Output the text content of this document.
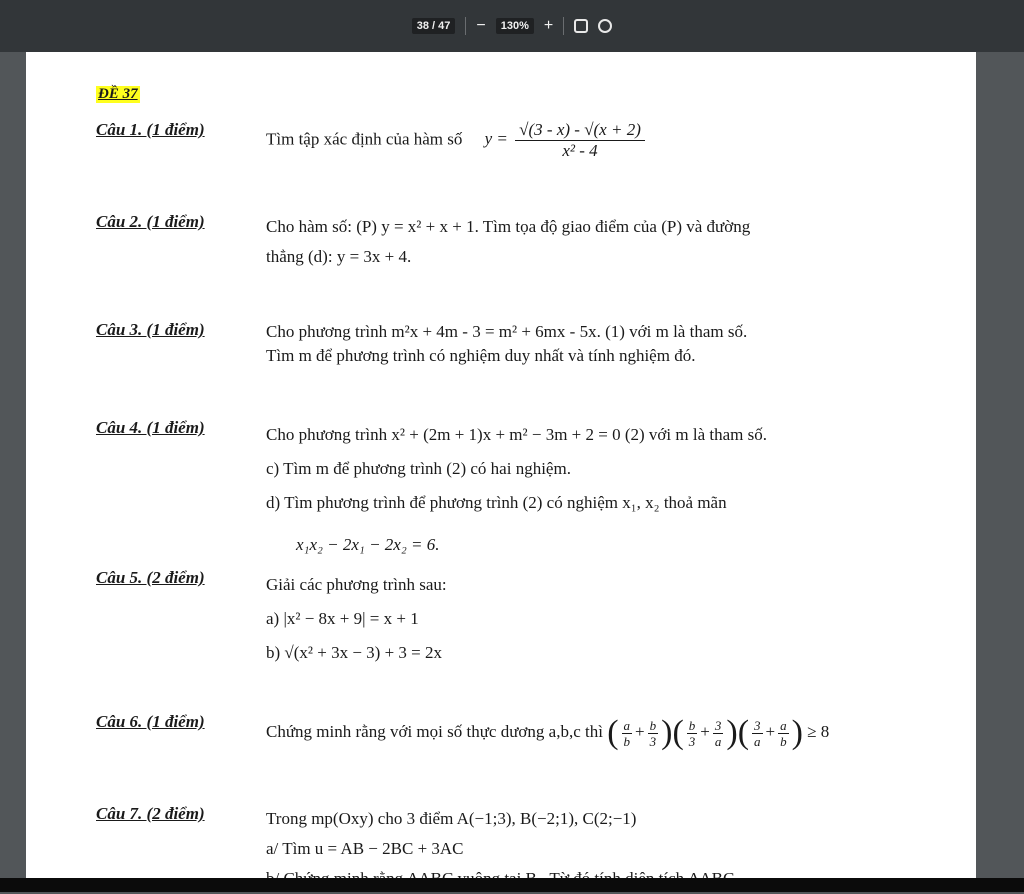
38 / 47	−	130% +
ĐỀ 37
Câu 1. (1 điểm)	Tìm tập xác định của hàm số $y = \frac{√(3 - x) - √(x + 2)}{\text{x² - 4}}$
Câu 2. (1 điểm)	Cho hàm số: (P) y = x² + x + 1. Tìm tọa độ giao điểm của (P) và đường
thẳng (d): y = 3x + 4.
Câu 3. (1 điểm)	Cho phương trình m²x + 4m - 3 = m² + 6mx - 5x. (1) với m là tham số.
Tìm m để phương trình có nghiệm duy nhất và tính nghiệm đó.
Câu 4. (1 điểm)	Cho phương trình x² + (2m + 1)x + m² − 3m + 2 = 0 (2) với m là tham số.
c) Tìm m để phương trình (2) có hai nghiệm.
d) Tìm phương trình để phương trình (2) có nghiệm x₁, x₂ thoả mãn
x₁x₂ − 2x₁ − 2x₂ = 6.
Câu 5. (2 điểm)	Giải các phương trình sau:
a) |x² − 8x + 9| = x + 1
b) √(x² + 3x − 3) + 3 = 2x
Câu 6. (1 điểm)
Chứng minh rằng với mọi số thực dương a,b,c thì ( $\frac{a}{b} + \frac{b}{3}$ )( $\frac{b}{3} + \frac{3}{a}$ )( $\frac{3}{a} + \frac{a}{b}$ ) ≥ 8
Câu 7. (2 điểm)	Trong mp(Oxy) cho 3 điểm A(−1;3), B(−2;1), C(2;−1)
a/ Tìm u = AB − 2BC + 3AC
